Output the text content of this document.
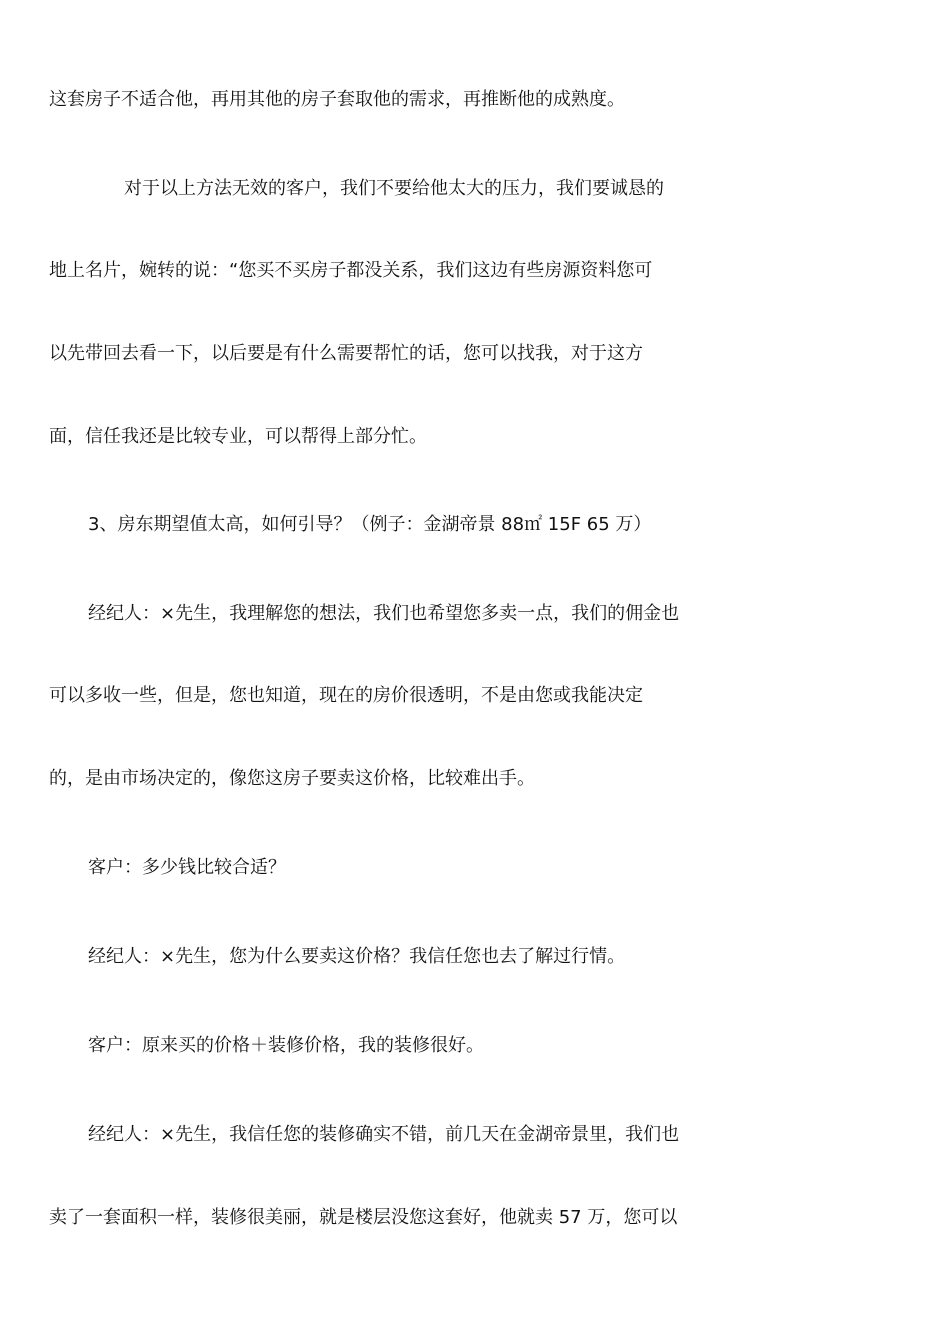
这套房子不适合他，再用其他的房子套取他的需求，再推断他的成熟度。
对于以上方法无效的客户，我们不要给他太大的压力，我们要诚恳的
地上名片，婉转的说：“您买不买房子都没关系，我们这边有些房源资料您可
以先带回去看一下，以后要是有什么需要帮忙的话，您可以找我，对于这方
面，信任我还是比较专业，可以帮得上部分忙。
3、房东期望值太高，如何引导？（例子：金湖帝景 88㎡ 15F 65 万）
经纪人：×先生，我理解您的想法，我们也希望您多卖一点，我们的佣金也
可以多收一些，但是，您也知道，现在的房价很透明，不是由您或我能决定
的，是由市场决定的，像您这房子要卖这价格，比较难出手。
客户：多少钱比较合适？
经纪人：×先生，您为什么要卖这价格？我信任您也去了解过行情。
客户：原来买的价格＋装修价格，我的装修很好。
经纪人：×先生，我信任您的装修确实不错，前几天在金湖帝景里，我们也
卖了一套面积一样，装修很美丽，就是楼层没您这套好，他就卖 57 万，您可以
